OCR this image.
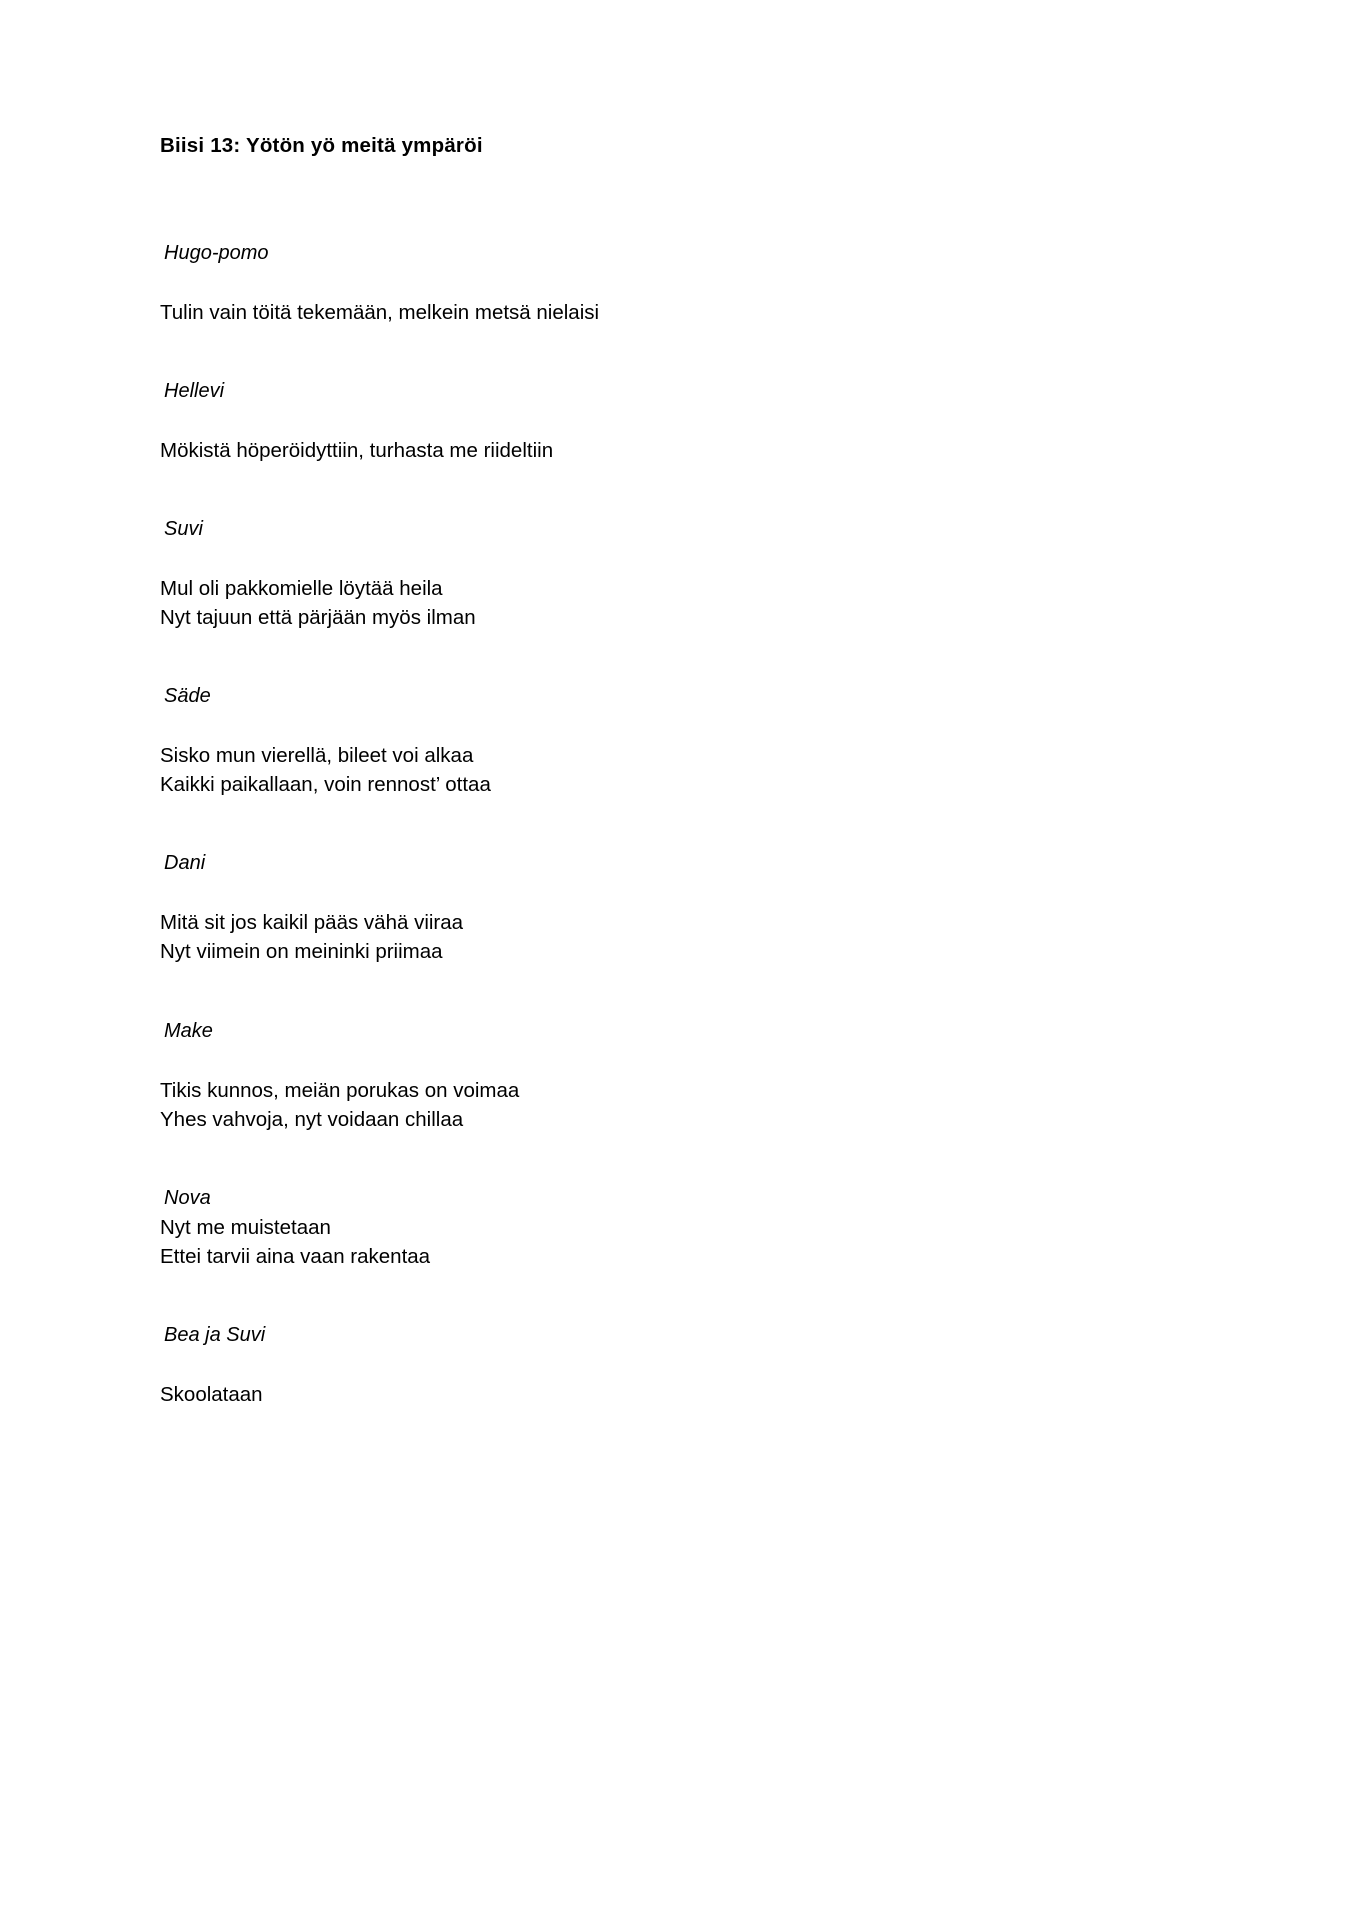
Biisi 13: Yötön yö meitä ympäröi

Hugo-pomo

Tulin vain töitä tekemään, melkein metsä nielaisi

Hellevi

Mökistä höperöidyttiin, turhasta me riideltiin

Suvi

Mul oli pakkomielle löytää heila

Nyt tajuun että pärjään myös ilman

Säde

Sisko mun vierellä, bileet voi alkaa

Kaikki paikallaan, voin rennost’ ottaa

Dani

Mitä sit jos kaikil pääs vähä viiraa

Nyt viimein on meininki priimaa

Make

Tikis kunnos, meiän porukas on voimaa

Yhes vahvoja, nyt voidaan chillaa

Nova

Nyt me muistetaan

Ettei tarvii aina vaan rakentaa

Bea ja Suvi

Skoolataan
